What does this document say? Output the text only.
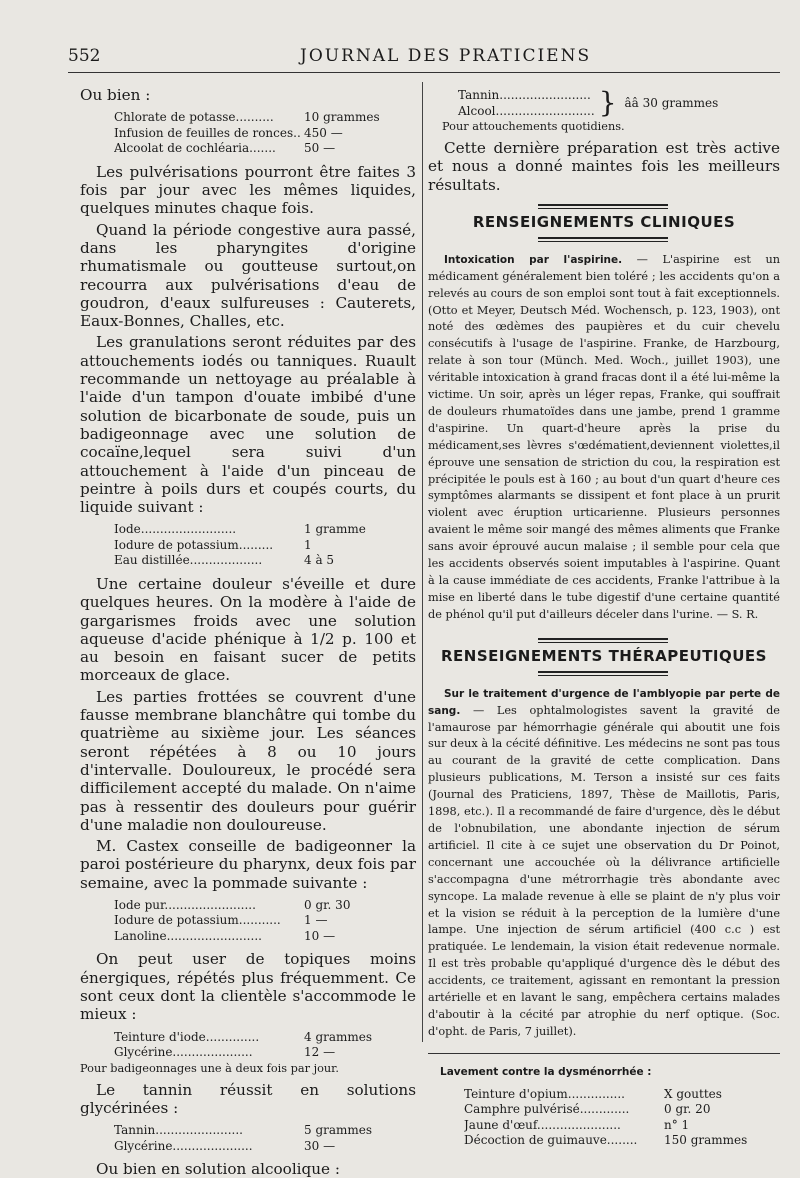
552	JOURNAL DES PRATICIENS

Ou bien :

Chlorate de potasse..........	10 grammes
Infusion de feuilles de ronces.. 450 —
Alcoolat de cochléaria.......	50 —

Les pulvérisations pourront être faites 3 fois par jour avec les mêmes liquides, quelques minutes chaque fois.

Quand la période congestive aura passé, dans les pharyngites d'origine rhumatismale ou goutteuse surtout,on recourra aux pulvérisations d'eau de goudron, d'eaux sulfureuses : Cauterets, Eaux-Bonnes, Challes, etc.

Les granulations seront réduites par des attouchements iodés ou tanniques. Ruault recommande un nettoyage au préalable à l'aide d'un tampon d'ouate imbibé d'une solution de bicarbonate de soude, puis un badigeonnage avec une solution de cocaïne,lequel sera suivi d'un attouchement à l'aide d'un pinceau de peintre à poils durs et coupés courts, du liquide suivant :

Iode.........................	1 gramme
Iodure de potassium.........	1
Eau distillée...................	4 à 5

Une certaine douleur s'éveille et dure quelques heures. On la modère à l'aide de gargarismes froids avec une solution aqueuse d'acide phénique à 1/2 p. 100 et au besoin en faisant sucer de petits morceaux de glace.

Les parties frottées se couvrent d'une fausse membrane blanchâtre qui tombe du quatrième au sixième jour. Les séances seront répétées à 8 ou 10 jours d'intervalle. Douloureux, le procédé sera difficilement accepté du malade. On n'aime pas à ressentir des douleurs pour guérir d'une maladie non douloureuse.

M. Castex conseille de badigeonner la paroi postérieure du pharynx, deux fois par semaine, avec la pommade suivante :

Iode pur........................	0 gr. 30
Iodure de potassium...........	1 —
Lanoline.........................	10 —

On peut user de topiques moins énergiques, répétés plus fréquemment. Ce sont ceux dont la clientèle s'accommode le mieux :

Teinture d'iode..............	4 grammes
Glycérine.....................	12 —

Pour badigeonnages une à deux fois par jour.

Le tannin réussit en solutions glycérinées :

Tannin.......................	5 grammes
Glycérine.....................	30 —

Ou bien en solution alcoolique :

Tannin........................
Alcool.......................... } ââ 30 grammes

Pour attouchements quotidiens.

Cette dernière préparation est très active et nous a donné maintes fois les meilleurs résultats.

RENSEIGNEMENTS CLINIQUES

Intoxication par l'aspirine. — L'aspirine est un médicament généralement bien toléré ; les accidents qu'on a relevés au cours de son emploi sont tout à fait exceptionnels. (Otto et Meyer, Deutsch Méd. Wochensch, p. 123, 1903), ont noté des œdèmes des paupières et du cuir chevelu consécutifs à l'usage de l'aspirine. Franke, de Harzbourg, relate à son tour (Münch. Med. Woch., juillet 1903), une véritable intoxication à grand fracas dont il a été lui-même la victime. Un soir, après un léger repas, Franke, qui souffrait de douleurs rhumatoïdes dans une jambe, prend 1 gramme d'aspirine. Un quart-d'heure après la prise du médicament,ses lèvres s'œdématient,deviennent violettes,il éprouve une sensation de striction du cou, la respiration est précipitée le pouls est à 160 ; au bout d'un quart d'heure ces symptômes alarmants se dissipent et font place à un prurit violent avec éruption urticarienne. Plusieurs personnes avaient le même soir mangé des mêmes aliments que Franke sans avoir éprouvé aucun malaise ; il semble pour cela que les accidents observés soient imputables à l'aspirine. Quant à la cause immédiate de ces accidents, Franke l'attribue à la mise en liberté dans le tube digestif d'une certaine quantité de phénol qu'il put d'ailleurs déceler dans l'urine. — S. R.

RENSEIGNEMENTS THÉRAPEUTIQUES

Sur le traitement d'urgence de l'amblyopie par perte de sang. — Les ophtalmologistes savent la gravité de l'amaurose par hémorrhagie générale qui aboutit une fois sur deux à la cécité définitive. Les médecins ne sont pas tous au courant de la gravité de cette complication. Dans plusieurs publications, M. Terson a insisté sur ces faits (Journal des Praticiens, 1897, Thèse de Maillotis, Paris, 1898, etc.). Il a recommandé de faire d'urgence, dès le début de l'obnubilation, une abondante injection de sérum artificiel. Il cite à ce sujet une observation du Dr Poinot, concernant une accouchée où la délivrance artificielle s'accompagna d'une métrorrhagie très abondante avec syncope. La malade revenue à elle se plaint de n'y plus voir et la vision se réduit à la perception de la lumière d'une lampe. Une injection de sérum artificiel (400 c.c ) est pratiquée. Le lendemain, la vision était redevenue normale. Il est très probable qu'appliqué d'urgence dès le début des accidents, ce traitement, agissant en remontant la pression artérielle et en lavant le sang, empêchera certains malades d'aboutir à la cécité par atrophie du nerf optique. (Soc. d'opht. de Paris, 7 juillet).

Lavement contre la dysménorrhée :

Teinture d'opium...............	X gouttes
Camphre pulvérisé.............	0 gr. 20
Jaune d'œuf......................	n° 1
Décoction de guimauve........	150 grammes
